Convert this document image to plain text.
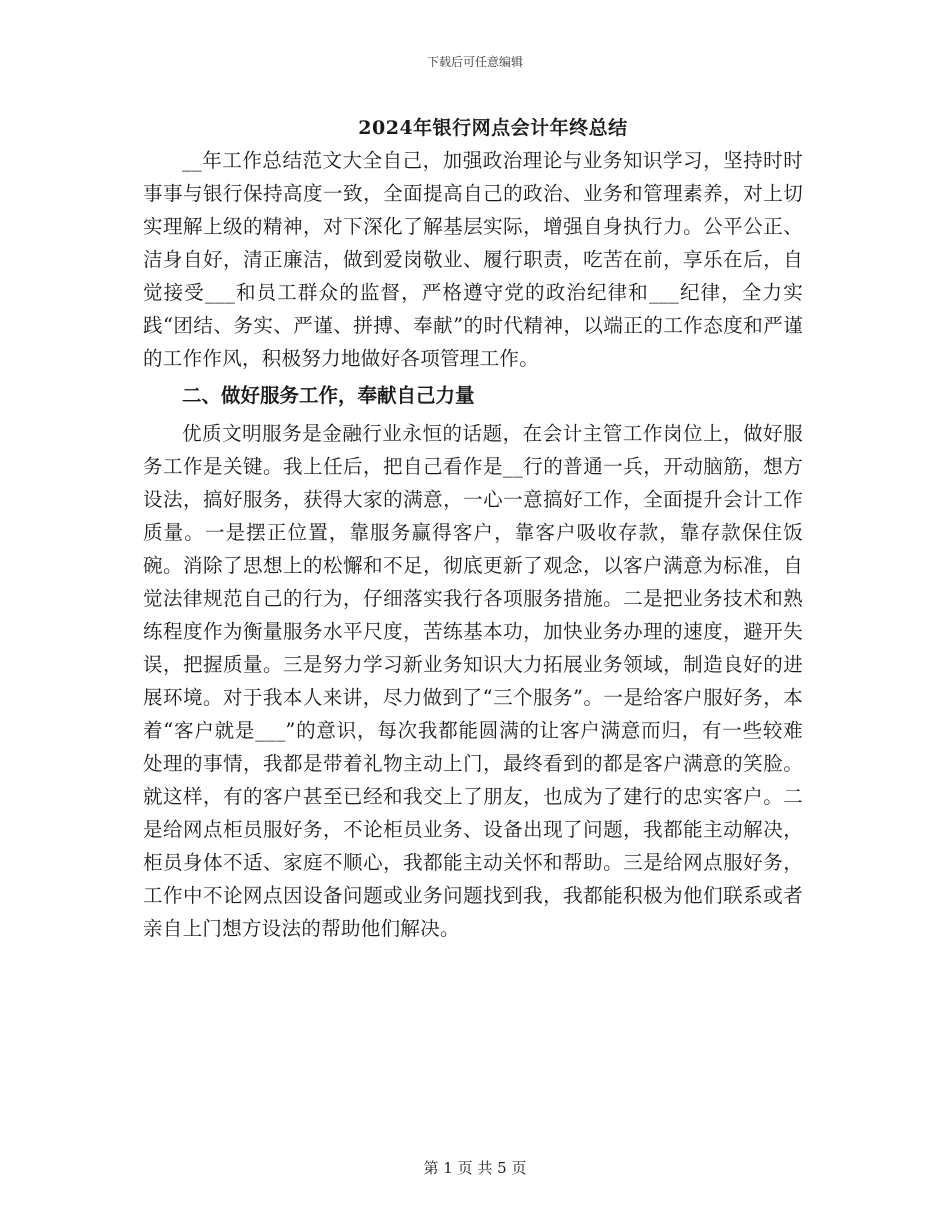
下载后可任意编辑
2024年银行网点会计年终总结

__年工作总结范文大全自己，加强政治理论与业务知识学习，坚持时时事事与银行保持高度一致，全面提高自己的政治、业务和管理素养，对上切实理解上级的精神，对下深化了解基层实际，增强自身执行力。公平公正、洁身自好，清正廉洁，做到爱岗敬业、履行职责，吃苦在前，享乐在后，自觉接受___和员工群众的监督，严格遵守党的政治纪律和___纪律，全力实践“团结、务实、严谨、拼搏、奉献”的时代精神，以端正的工作态度和严谨的工作作风，积极努力地做好各项管理工作。

二、做好服务工作，奉献自己力量

优质文明服务是金融行业永恒的话题，在会计主管工作岗位上，做好服务工作是关键。我上任后，把自己看作是__行的普通一兵，开动脑筋，想方设法，搞好服务，获得大家的满意，一心一意搞好工作，全面提升会计工作质量。一是摆正位置，靠服务赢得客户，靠客户吸收存款，靠存款保住饭碗。消除了思想上的松懈和不足，彻底更新了观念，以客户满意为标准，自觉法律规范自己的行为，仔细落实我行各项服务措施。二是把业务技术和熟练程度作为衡量服务水平尺度，苦练基本功，加快业务办理的速度，避开失误，把握质量。三是努力学习新业务知识大力拓展业务领域，制造良好的进展环境。对于我本人来讲，尽力做到了“三个服务”。一是给客户服好务，本着“客户就是___”的意识，每次我都能圆满的让客户满意而归，有一些较难处理的事情，我都是带着礼物主动上门，最终看到的都是客户满意的笑脸。就这样，有的客户甚至已经和我交上了朋友，也成为了建行的忠实客户。二是给网点柜员服好务，不论柜员业务、设备出现了问题，我都能主动解决，柜员身体不适、家庭不顺心，我都能主动关怀和帮助。三是给网点服好务，工作中不论网点因设备问题或业务问题找到我，我都能积极为他们联系或者亲自上门想方设法的帮助他们解决。

第 1 页 共 5 页
